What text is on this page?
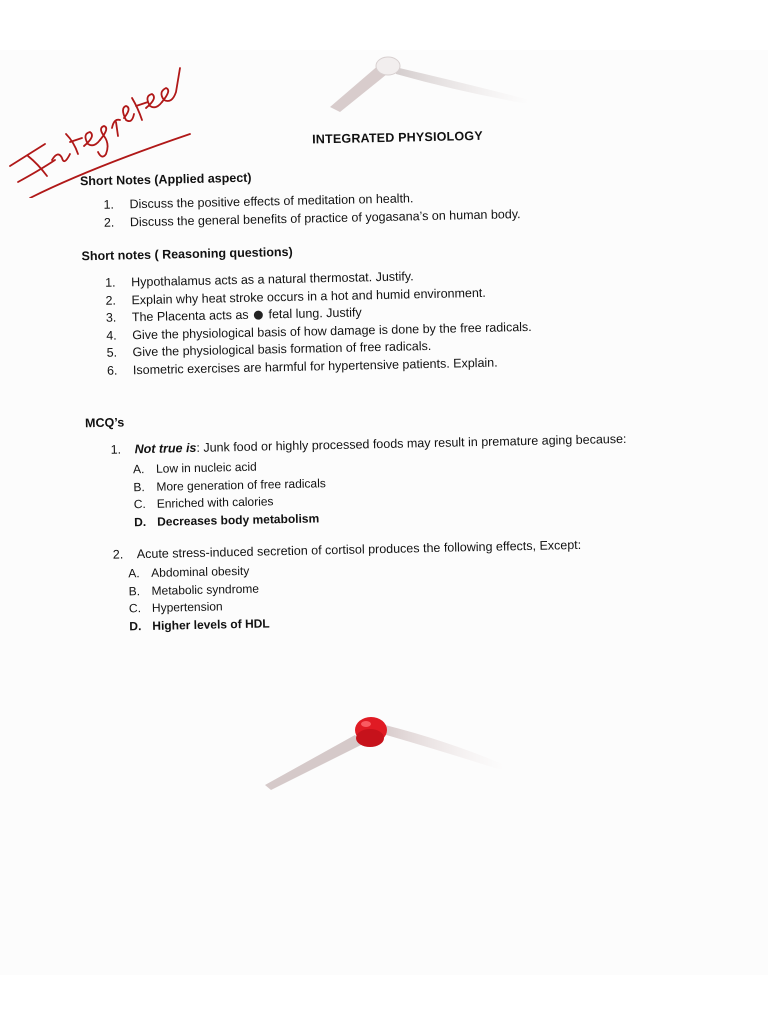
INTEGRATED PHYSIOLOGY
Short Notes (Applied aspect)
1.	Discuss the positive effects of meditation on health.
2.	Discuss the general benefits of practice of yogasana’s on human body.
Short notes ( Reasoning questions)
1.	Hypothalamus acts as a natural thermostat. Justify.
2.	Explain why heat stroke occurs in a hot and humid environment.
3.	The Placenta acts as fetal lung. Justify
4.	Give the physiological basis of how damage is done by the free radicals.
5.	Give the physiological basis formation of free radicals.
6.	Isometric exercises are harmful for hypertensive patients. Explain.
MCQ’s
1. Not true is: Junk food or highly processed foods may result in premature aging because:
A. Low in nucleic acid
B. More generation of free radicals
C. Enriched with calories
D. Decreases body metabolism
2. Acute stress-induced secretion of cortisol produces the following effects, Except:
A. Abdominal obesity
B. Metabolic syndrome
C. Hypertension
D. Higher levels of HDL
